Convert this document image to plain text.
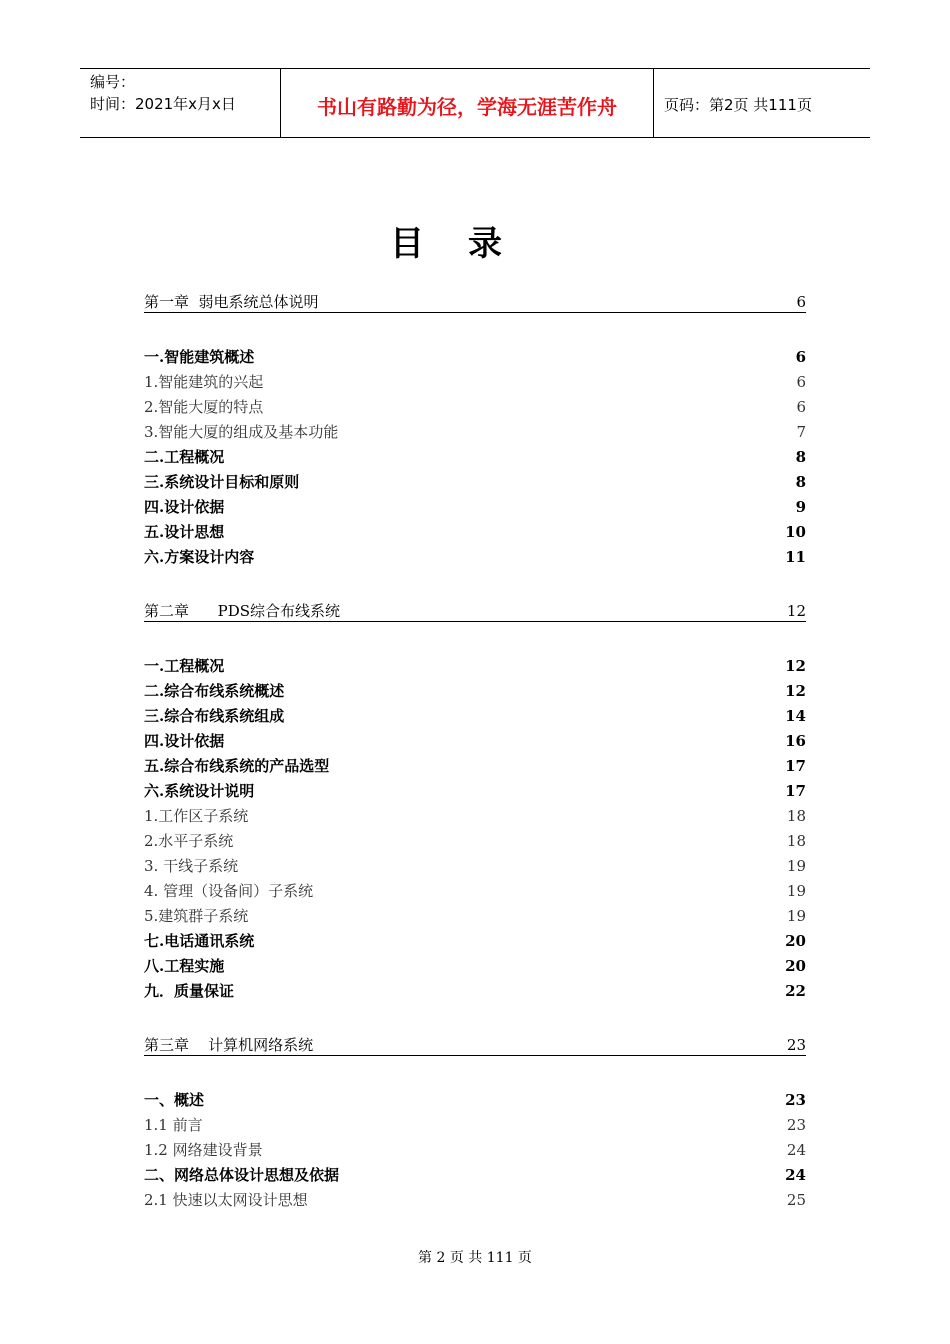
编号：
时间：2021年x月x日	书山有路勤为径，学海无涯苦作舟	页码：第2页 共111页
目录
第一章  弱电系统总体说明	6
一.智能建筑概述	6
1.智能建筑的兴起	6
2.智能大厦的特点	6
3.智能大厦的组成及基本功能	7
二.工程概况	8
三.系统设计目标和原则	8
四.设计依据	9
五.设计思想	10
六.方案设计内容	11
第二章      PDS综合布线系统	12
一.工程概况	12
二.综合布线系统概述	12
三.综合布线系统组成	14
四.设计依据	16
五.综合布线系统的产品选型	17
六.系统设计说明	17
1.工作区子系统	18
2.水平子系统	18
3. 干线子系统	19
4. 管理（设备间）子系统	19
5.建筑群子系统	19
七.电话通讯系统	20
八.工程实施	20
九．质量保证	22
第三章    计算机网络系统	23
一、概述	23
1.1 前言	23
1.2 网络建设背景	24
二、网络总体设计思想及依据	24
2.1 快速以太网设计思想	25
第 2 页 共 111 页
